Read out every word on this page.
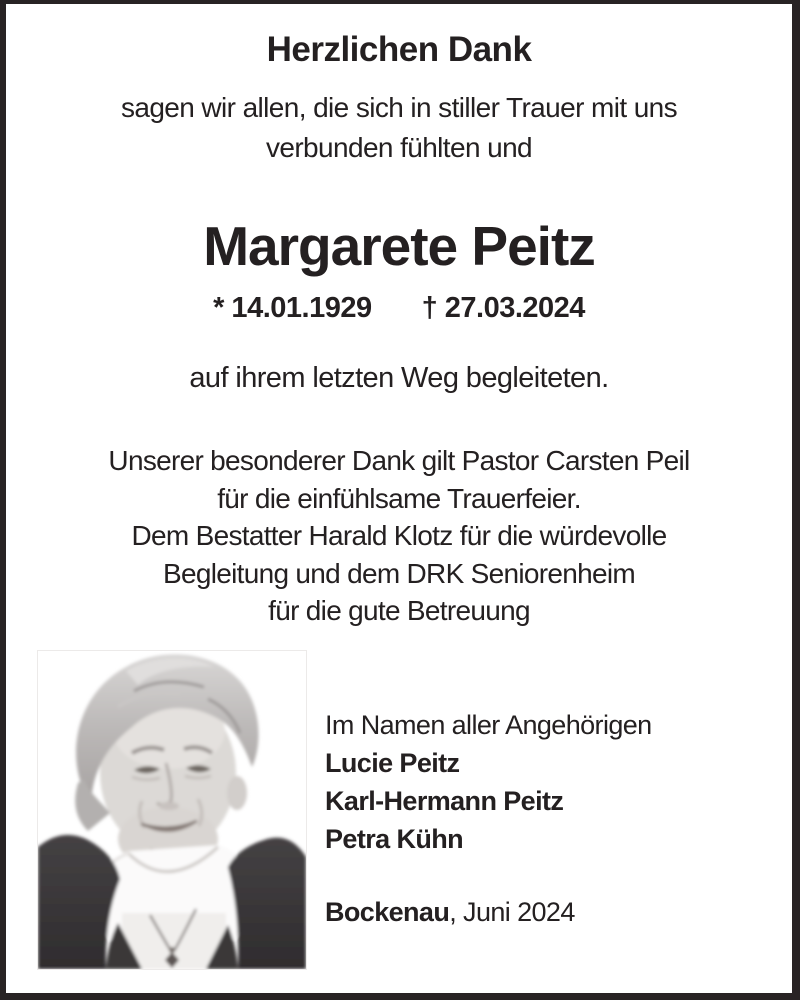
Herzlichen Dank
sagen wir allen, die sich in stiller Trauer mit uns
verbunden fühlten und
Margarete Peitz
* 14.01.1929 † 27.03.2024
auf ihrem letzten Weg begleiteten.
Unserer besonderer Dank gilt Pastor Carsten Peil
für die einfühlsame Trauerfeier.
Dem Bestatter Harald Klotz für die würdevolle
Begleitung und dem DRK Seniorenheim
für die gute Betreuung
Im Namen aller Angehörigen
Lucie Peitz
Karl-Hermann Peitz
Petra Kühn
Bockenau, Juni 2024
